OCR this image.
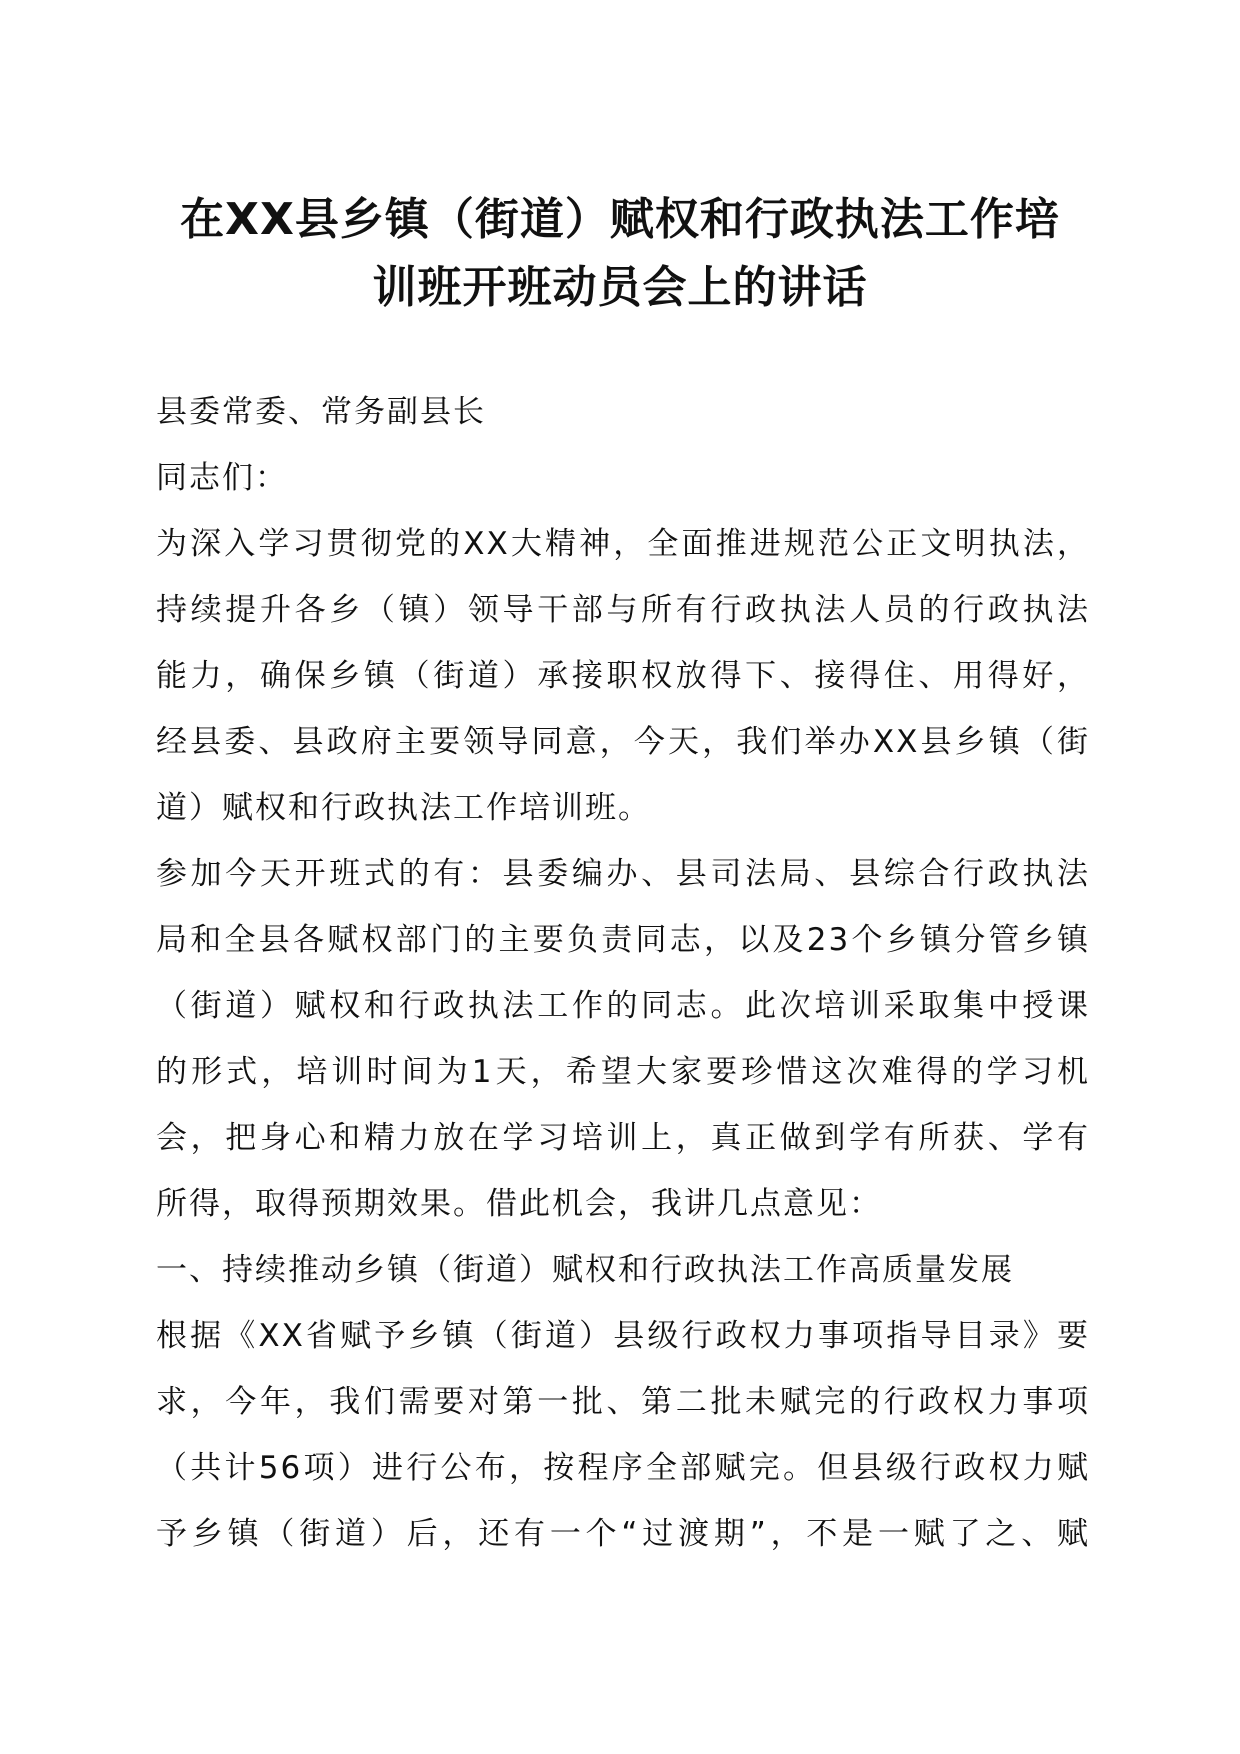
在XX县乡镇（街道）赋权和行政执法工作培
训班开班动员会上的讲话

县委常委、常务副县长

同志们：

为深入学习贯彻党的XX大精神，全面推进规范公正文明执法，

持续提升各乡（镇）领导干部与所有行政执法人员的行政执法

能力，确保乡镇（街道）承接职权放得下、接得住、用得好，

经县委、县政府主要领导同意，今天，我们举办XX县乡镇（街

道）赋权和行政执法工作培训班。

参加今天开班式的有：县委编办、县司法局、县综合行政执法

局和全县各赋权部门的主要负责同志，以及23个乡镇分管乡镇

（街道）赋权和行政执法工作的同志。此次培训采取集中授课

的形式，培训时间为1天，希望大家要珍惜这次难得的学习机

会，把身心和精力放在学习培训上，真正做到学有所获、学有

所得，取得预期效果。借此机会，我讲几点意见：

一、持续推动乡镇（街道）赋权和行政执法工作高质量发展

根据《XX省赋予乡镇（街道）县级行政权力事项指导目录》要

求，今年，我们需要对第一批、第二批未赋完的行政权力事项

（共计56项）进行公布，按程序全部赋完。但县级行政权力赋

予乡镇（街道）后，还有一个“过渡期”，不是一赋了之、赋
